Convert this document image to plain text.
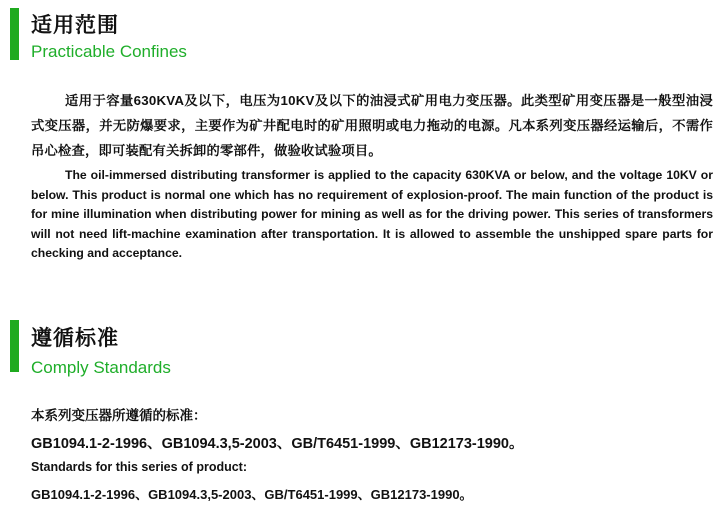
适用范围
Practicable Confines
适用于容量630KVA及以下，电压为10KV及以下的油浸式矿用电力变压器。此类型矿用变压器是一般型油浸式变压器，并无防爆要求，主要作为矿井配电时的矿用照明或电力拖动的电源。凡本系列变压器经运输后，不需作吊心检查，即可装配有关拆卸的零部件，做验收试验项目。
The oil-immersed distributing transformer is applied to the capacity 630KVA or below, and the voltage 10KV or below. This product is normal one which has no requirement of explosion-proof. The main function of the product is for mine illumination when distributing power for mining as well as for the driving power. This series of transformers will not need lift-machine examination after transportation. It is allowed to assemble the unshipped spare parts for checking and acceptance.
遵循标准
Comply Standards
本系列变压器所遵循的标准：
GB1094.1-2-1996、GB1094.3,5-2003、GB/T6451-1999、GB12173-1990。
Standards for this series of product:
GB1094.1-2-1996、GB1094.3,5-2003、GB/T6451-1999、GB12173-1990。
